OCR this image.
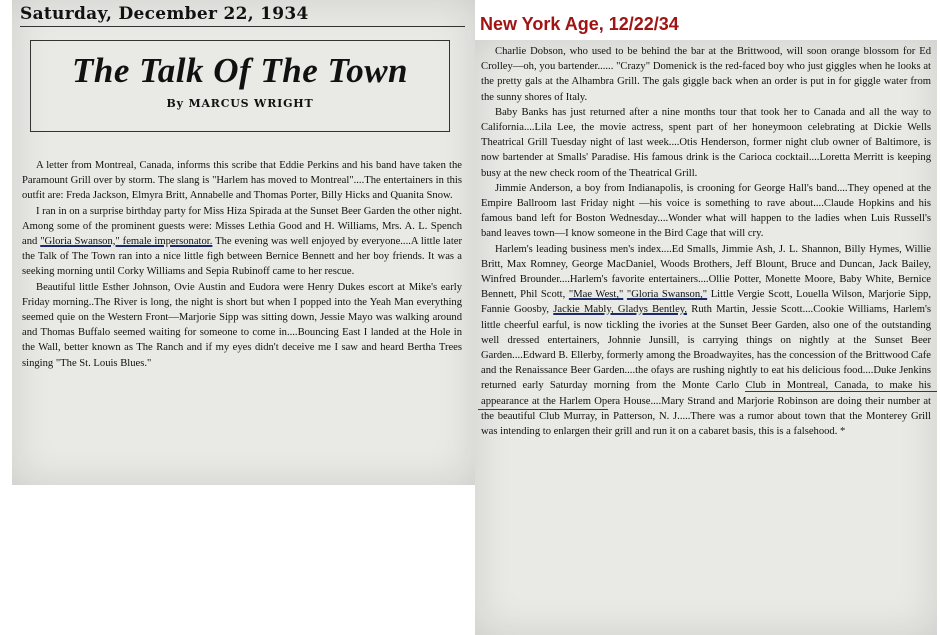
New York Age, 12/22/34
Saturday, December 22, 1934
The Talk Of The Town
By MARCUS WRIGHT

A letter from Montreal, Canada, informs this scribe that Eddie Perkins and his band have taken the Paramount Grill over by storm. The slang is "Harlem has moved to Montreal"....The entertainers in this outfit are: Freda Jackson, Elmyra Britt, Annabelle and Thomas Porter, Billy Hicks and Quanita Snow.

I ran in on a surprise birthday party for Miss Hiza Spirada at the Sunset Beer Garden the other night. Among some of the prominent guests were: Misses Lethia Good and H. Williams, Mrs. A. L. Spench and "Gloria Swanson," female impersonator. The evening was well enjoyed by everyone....A little later the Talk of The Town ran into a nice little figh between Bernice Bennett and her boy friends. It was a seeking morning until Corky Williams and Sepia Rubinoff came to her rescue.

Beautiful little Esther Johnson, Ovie Austin and Eudora were Henry Dukes escort at Mike's early Friday morning..The River is long, the night is short but when I popped into the Yeah Man everything seemed quie on the Western Front—Marjorie Sipp was sitting down, Jessie Mayo was walking around and Thomas Buffalo seemed waiting for someone to come in....Bouncing East I landed at the Hole in the Wall, better known as The Ranch and if my eyes didn't deceive me I saw and heard Bertha Trees singing "The St. Louis Blues."

Charlie Dobson, who used to be behind the bar at the Brittwood, will soon orange blossom for Ed Crolley—oh, you bartender...... "Crazy" Domenick is the red-faced boy who just giggles when he looks at the pretty gals at the Alhambra Grill. The gals giggle back when an order is put in for giggle water from the sunny shores of Italy.

Baby Banks has just returned after a nine months tour that took her to Canada and all the way to California....Lila Lee, the movie actress, spent part of her honeymoon celebrating at Dickie Wells Theatrical Grill Tuesday night of last week....Otis Henderson, former night club owner of Baltimore, is now bartender at Smalls' Paradise. His famous drink is the Carioca cocktail....Loretta Merritt is keeping busy at the new check room of the Theatrical Grill.

Jimmie Anderson, a boy from Indianapolis, is crooning for George Hall's band....They opened at the Empire Ballroom last Friday night —his voice is something to rave about....Claude Hopkins and his famous band left for Boston Wednesday....Wonder what will happen to the ladies when Luis Russell's band leaves town—I know someone in the Bird Cage that will cry.

Harlem's leading business men's index....Ed Smalls, Jimmie Ash, J. L. Shannon, Billy Hymes, Willie Britt, Max Romney, George MacDaniel, Woods Brothers, Jeff Blount, Bruce and Duncan, Jack Bailey, Winfred Brounder....Harlem's favorite entertainers....Ollie Potter, Monette Moore, Baby White, Bernice Bennett, Phil Scott, "Mae West," "Gloria Swanson," Little Vergie Scott, Louella Wilson, Marjorie Sipp, Fannie Goosby, Jackie Mably, Gladys Bentley, Ruth Martin, Jessie Scott....Cookie Williams, Harlem's little cheerful earful, is now tickling the ivories at the Sunset Beer Garden, also one of the outstanding well dressed entertainers, Johnnie Junsill, is carrying things on nightly at the Sunset Beer Garden....Edward B. Ellerby, formerly among the Broadwayites, has the concession of the Brittwood Cafe and the Renaissance Beer Garden....the ofays are rushing nightly to eat his delicious food....Duke Jenkins returned early Saturday morning from the Monte Carlo Club in Montreal, Canada, to make his appearance at the Harlem Opera House....Mary Strand and Marjorie Robinson are doing their number at the beautiful Club Murray, in Patterson, N. J.....There was a rumor about town that the Monterey Grill was intending to enlargen their grill and run it on a cabaret basis, this is a falsehood. *
